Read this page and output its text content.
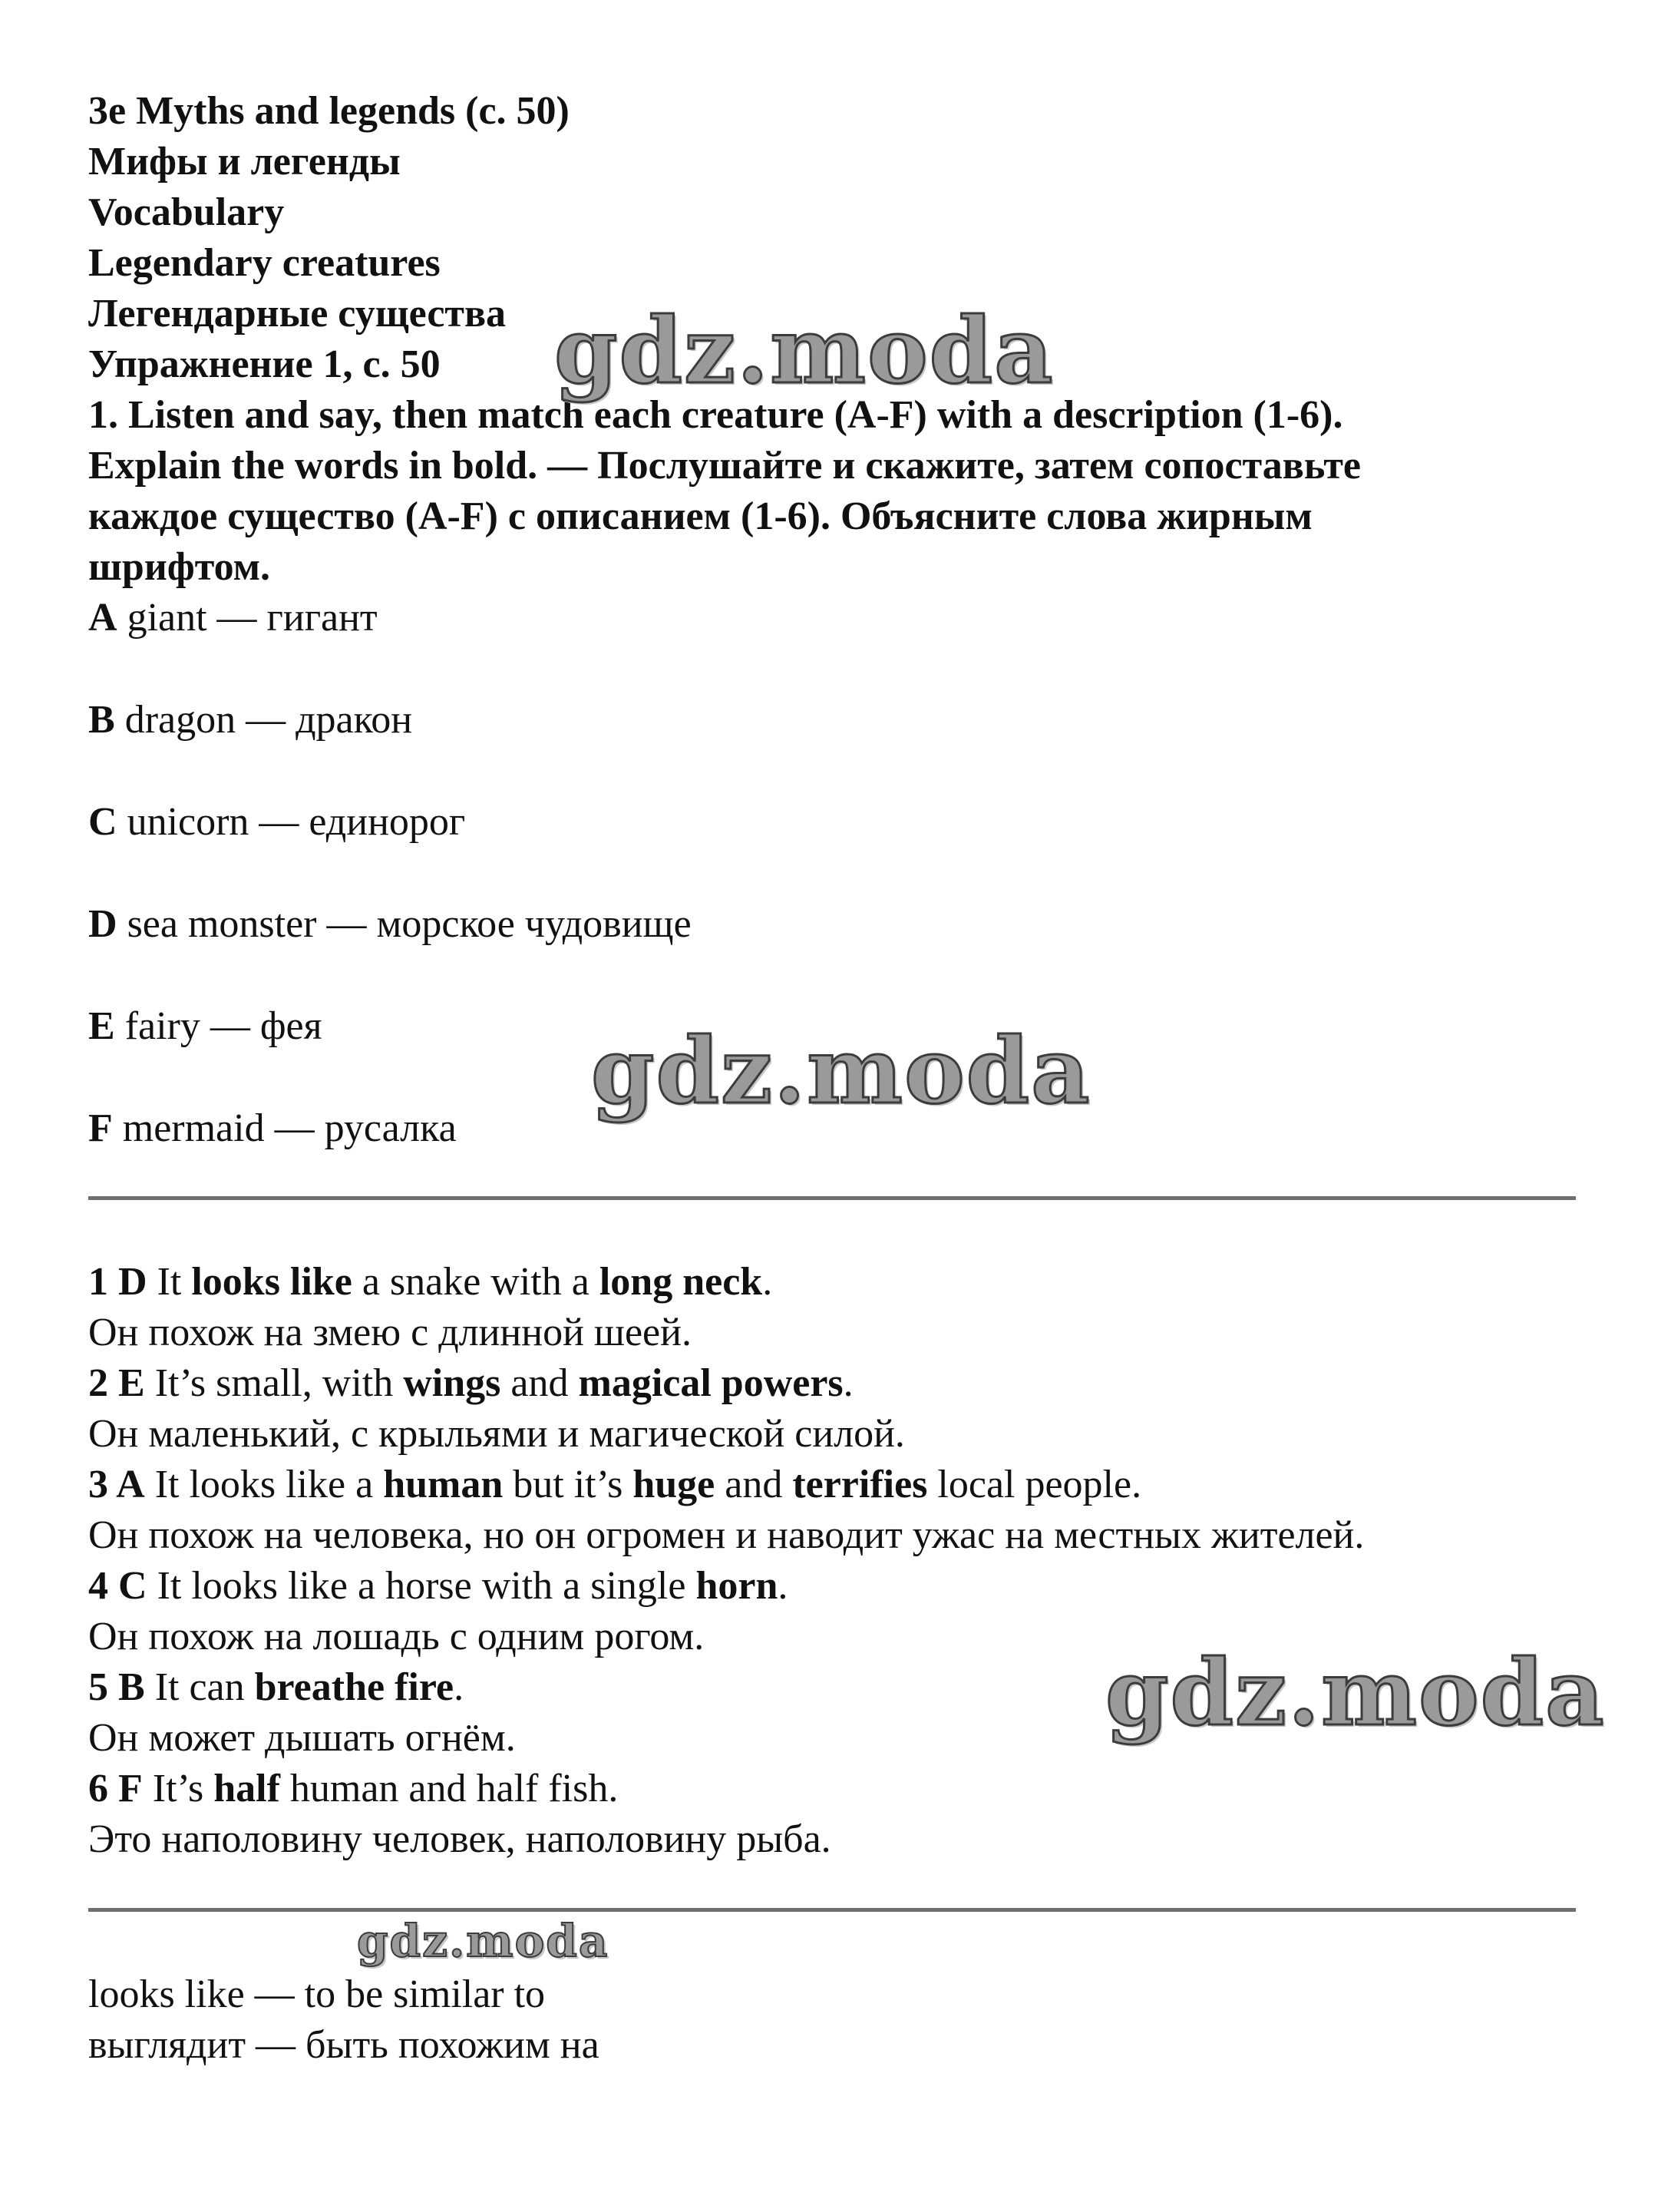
3e Myths and legends (c. 50)
Мифы и легенды
Vocabulary
Legendary creatures
Легендарные существа
Упражнение 1, с. 50
1. Listen and say, then match each creature (A-F) with a description (1-6).
Explain the words in bold. — Послушайте и скажите, затем сопоставьте
каждое существо (A-F) с описанием (1-6). Объясните слова жирным
шрифтом.
A giant — гигант
B dragon — дракон
C unicorn — единорог
D sea monster — морское чудовище
E fairy — фея
F mermaid — русалка
1 D It looks like a snake with a long neck.
Он похож на змею с длинной шеей.
2 E It’s small, with wings and magical powers.
Он маленький, с крыльями и магической силой.
3 A It looks like a human but it’s huge and terrifies local people.
Он похож на человека, но он огромен и наводит ужас на местных жителей.
4 C It looks like a horse with a single horn.
Он похож на лошадь с одним рогом.
5 B It can breathe fire.
Он может дышать огнём.
6 F It’s half human and half fish.
Это наполовину человек, наполовину рыба.
looks like — to be similar to
выглядит — быть похожим на
gdz.moda
gdz.moda
gdz.moda
gdz.moda
